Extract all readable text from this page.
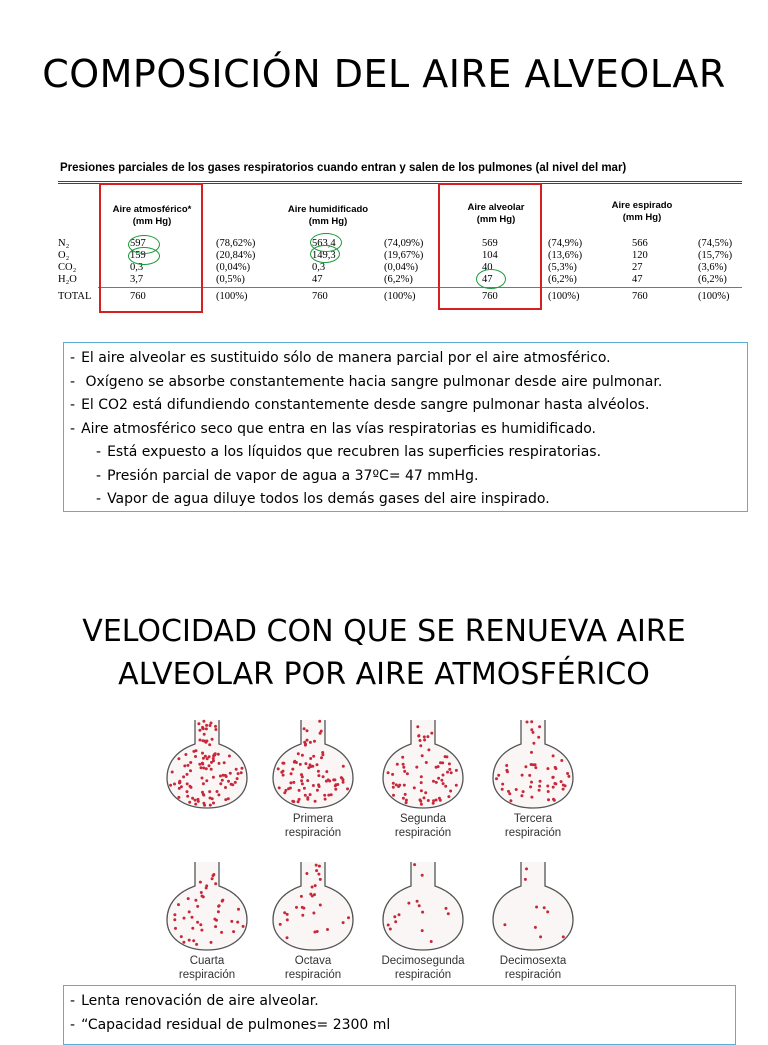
COMPOSICIÓN DEL AIRE ALVEOLAR
Presiones parciales de los gases respiratorios cuando entran y salen de los pulmones (al nivel del mar)
Aire atmosférico*
(mm Hg)
Aire humidificado
(mm Hg)
Aire alveolar
(mm Hg)
Aire espirado
(mm Hg)
N₂	597	(78,62%)	563,4	(74,09%)	569	(74,9%)	566	(74,5%)
O₂	159	(20,84%)	149,3	(19,67%)	104	(13,6%)	120	(15,7%)
CO₂	0,3	(0,04%)	0,3	(0,04%)	40	(5,3%)	27	(3,6%)
H₂O	3,7	(0,5%)	47	(6,2%)	47	(6,2%)	47	(6,2%)
TOTAL	760	(100%)	760	(100%)	760	(100%)	760	(100%)
- El aire alveolar es sustituido sólo de manera parcial por el aire atmosférico.
- Oxígeno se absorbe constantemente hacia sangre pulmonar desde aire pulmonar.
- El CO2 está difundiendo constantemente desde sangre pulmonar hasta alvéolos.
- Aire atmosférico seco que entra en las vías respiratorias es humidificado.
- Está expuesto a los líquidos que recubren las superficies respiratorias.
- Presión parcial de vapor de agua a 37ºC= 47 mmHg.
- Vapor de agua diluye todos los demás gases del aire inspirado.
VELOCIDAD CON QUE SE RENUEVA AIRE
ALVEOLAR POR AIRE ATMOSFÉRICO
Primera
respiración
Segunda
respiración
Tercera
respiración
Cuarta
respiración
Octava
respiración
Decimosegunda
respiración
Decimosexta
respiración
- Lenta renovación de aire alveolar.
- “Capacidad residual de pulmones= 2300 ml
